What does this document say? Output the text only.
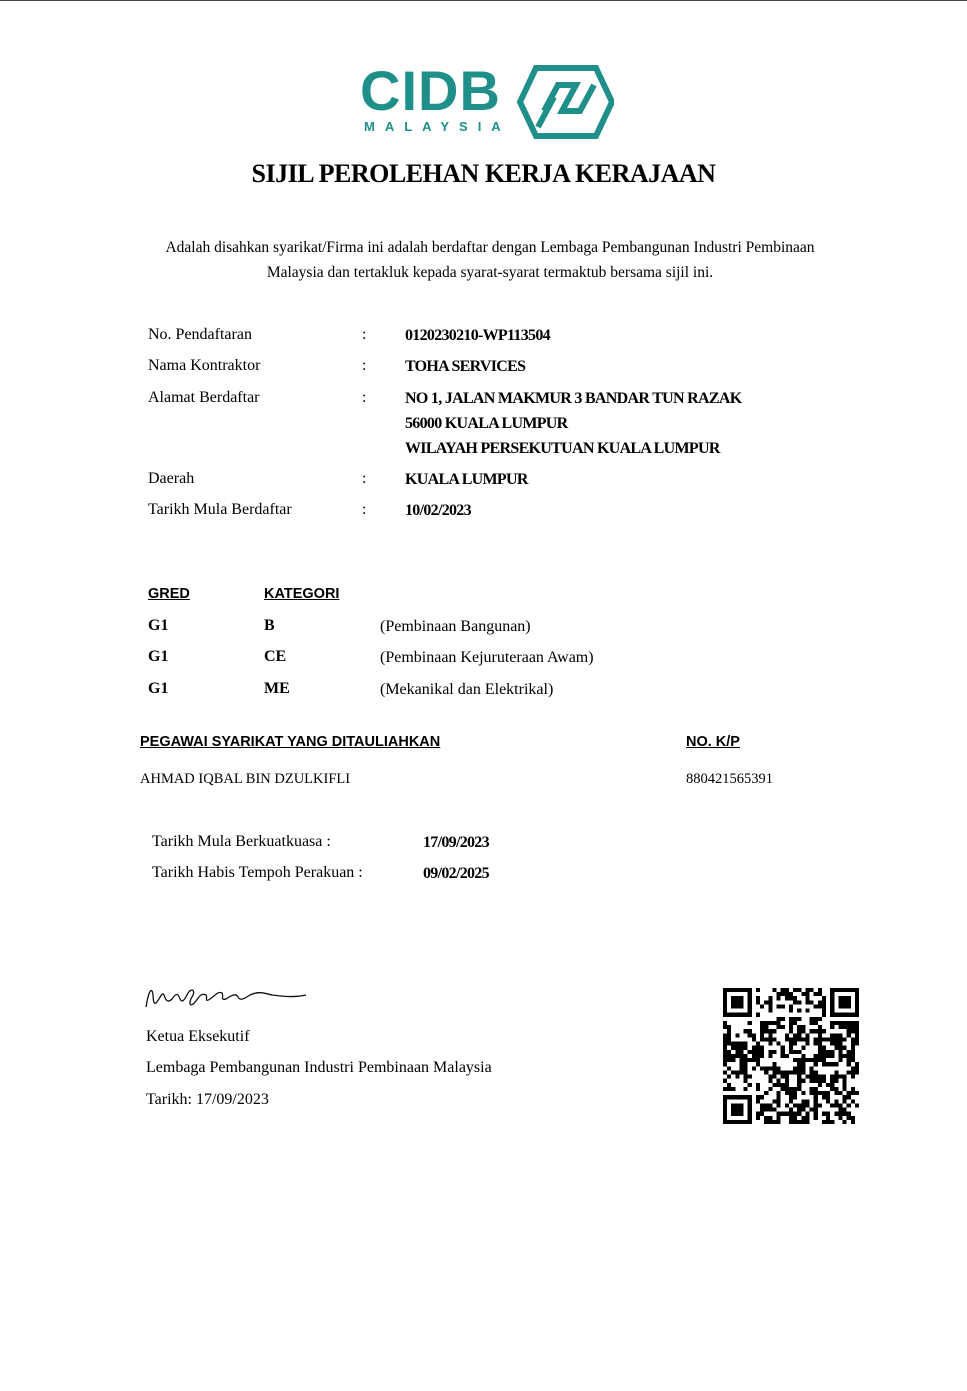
CIDB
MALAYSIA
SIJIL PEROLEHAN KERJA KERAJAAN
Adalah disahkan syarikat/Firma ini adalah berdaftar dengan Lembaga Pembangunan Industri Pembinaan
Malaysia dan tertakluk kepada syarat-syarat termaktub bersama sijil ini.
No. Pendaftaran	: 0120230210-WP113504
Nama Kontraktor	: TOHA SERVICES
Alamat Berdaftar	: NO 1, JALAN MAKMUR 3 BANDAR TUN RAZAK
56000 KUALA LUMPUR
WILAYAH PERSEKUTUAN KUALA LUMPUR
Daerah	: KUALA LUMPUR
Tarikh Mula Berdaftar	: 10/02/2023
GRED	KATEGORI
G1	B	(Pembinaan Bangunan)
G1	CE	(Pembinaan Kejuruteraan Awam)
G1	ME	(Mekanikal dan Elektrikal)
PEGAWAI SYARIKAT YANG DITAULIAHKAN	NO. K/P
AHMAD IQBAL BIN DZULKIFLI	880421565391
Tarikh Mula Berkuatkuasa :	17/09/2023
Tarikh Habis Tempoh Perakuan :	09/02/2025
Ketua Eksekutif
Lembaga Pembangunan Industri Pembinaan Malaysia
Tarikh: 17/09/2023
